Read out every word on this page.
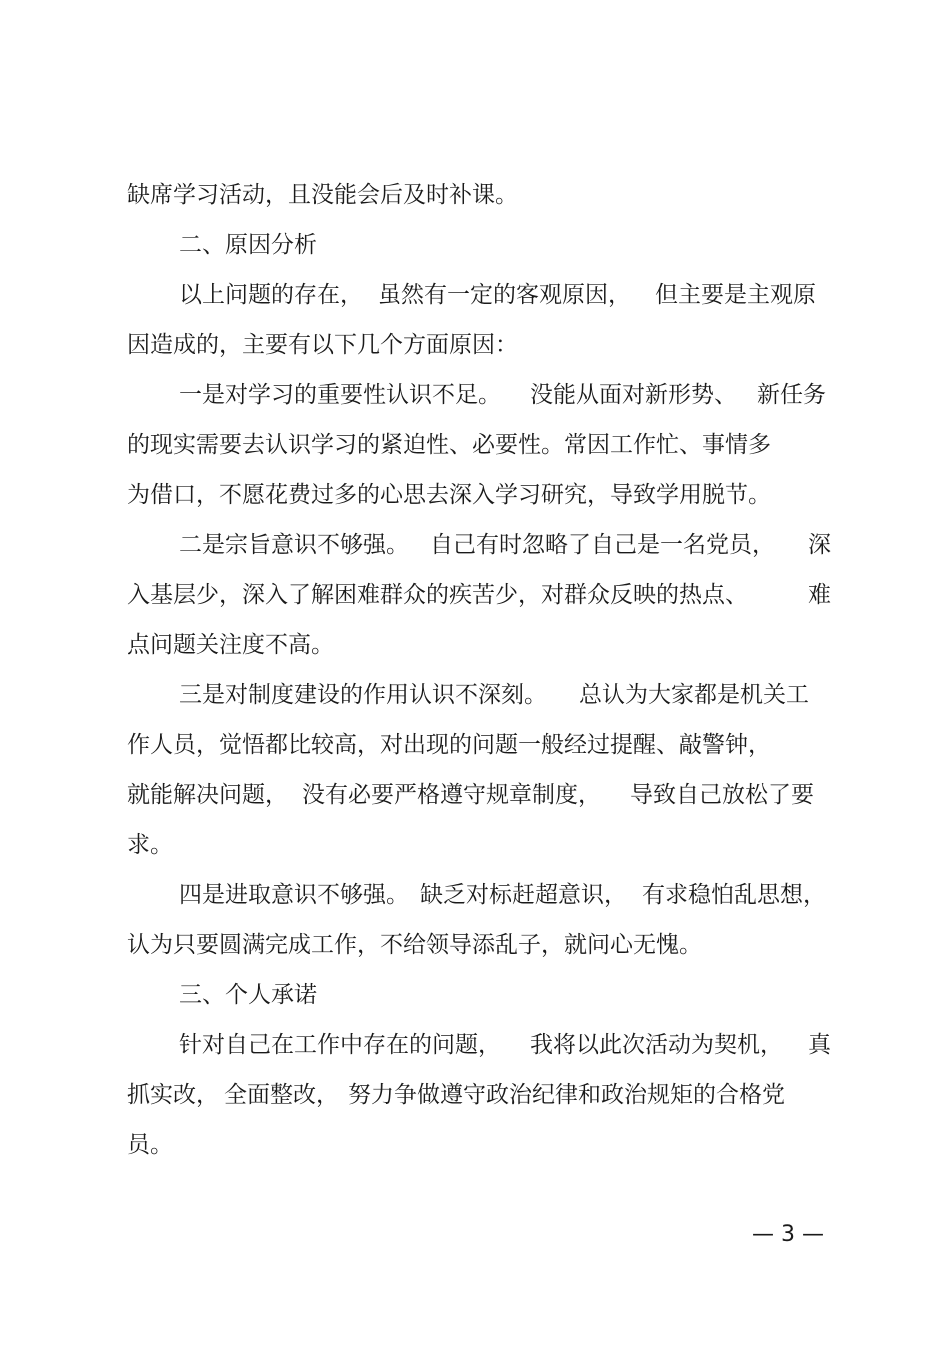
缺席学习活动，且没能会后及时补课。

二、原因分析

以上问题的存在，

虽然有一定的客观原因，

但主要是主观原

因造成的，主要有以下几个方面原因：

一是对学习的重要性认识不足。

没能从面对新形势、

新任务

的现实需要去认识学习的紧迫性、必要性。常因工作忙、事情多

为借口，不愿花费过多的心思去深入学习研究，导致学用脱节。

二是宗旨意识不够强。

自己有时忽略了自己是一名党员，

深

入基层少，深入了解困难群众的疾苦少，对群众反映的热点、

	难

点问题关注度不高。

三是对制度建设的作用认识不深刻。

总认为大家都是机关工

作人员，觉悟都比较高，对出现的问题一般经过提醒、敲警钟，

就能解决问题，

没有必要严格遵守规章制度，

导致自己放松了要

求。

四是进取意识不够强。

缺乏对标赶超意识，

有求稳怕乱思想，

认为只要圆满完成工作，不给领导添乱子，就问心无愧。

三、个人承诺

针对自己在工作中存在的问题，

我将以此次活动为契机，

真

抓实改，

全面整改，

努力争做遵守政治纪律和政治规矩的合格党

员。

— 3 —
